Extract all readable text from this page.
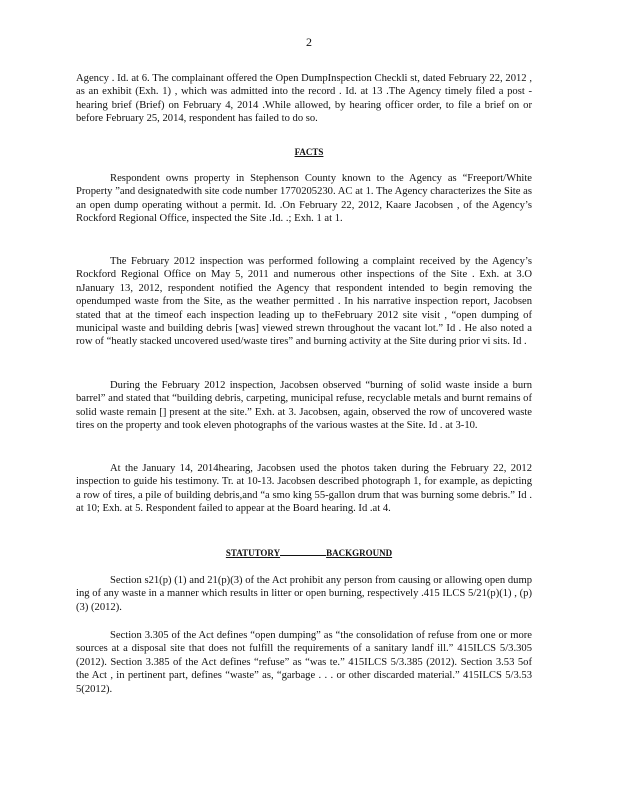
2

Agency . Id. at 6. The complainant offered the Open DumpInspection Checkli st, dated February 22, 2012 , as an exhibit (Exh. 1) , which was admitted into the record . Id. at 13 .The Agency timely filed a post -hearing brief (Brief) on February 4, 2014 .While allowed, by hearing officer order, to file a brief on or before February 25, 2014, respondent has failed to do so.

FACTS

Respondent owns property in Stephenson County known to the Agency as “Freeport/White Property ”and designatedwith site code number 1770205230. AC at 1. The Agency characterizes the Site as an open dump operating without a permit. Id. .On February 22, 2012, Kaare Jacobsen , of the Agency’s Rockford Regional Office, inspected the Site .Id. .; Exh. 1 at 1.

The February 2012 inspection was performed following a complaint received by the Agency’s Rockford Regional Office on May 5, 2011 and numerous other inspections of the Site . Exh. at 3.O nJanuary 13, 2012, respondent notified the Agency that respondent intended to begin removing the opendumped waste from the Site, as the weather permitted . In his narrative inspection report, Jacobsen stated that at the timeof each inspection leading up to theFebruary 2012 site visit , “open dumping of municipal waste and building debris [was] viewed strewn throughout the vacant lot.” Id . He also noted a row of “heatly stacked uncovered used/waste tires” and burning activity at the Site during prior vi sits. Id .

During the February 2012 inspection, Jacobsen observed “burning of solid waste inside a burn barrel” and stated that “building debris, carpeting, municipal refuse, recyclable metals and burnt remains of solid waste remain [] present at the site.” Exh. at 3. Jacobsen, again, observed the row of uncovered waste tires on the property and took eleven photographs of the various wastes at the Site. Id . at 3-10.

At the January 14, 2014hearing, Jacobsen used the photos taken during the February 22, 2012 inspection to guide his testimony. Tr. at 10-13. Jacobsen described photograph 1, for example, as depicting a row of tires, a pile of building debris,and “a smo king 55-gallon drum that was burning some debris.” Id . at 10; Exh. at 5. Respondent failed to appear at the Board hearing. Id .at 4.

STATUTORY	BACKGROUND

Section s21(p) (1) and 21(p)(3) of the Act prohibit any person from causing or allowing open dump ing of any waste in a manner which results in litter or open burning, respectively .415 ILCS 5/21(p)(1) , (p)(3) (2012).

Section 3.305 of the Act defines “open dumping” as “the consolidation of refuse from one or more sources at a disposal site that does not fulfill the requirements of a sanitary landf ill.” 415ILCS 5/3.305 (2012). Section 3.385 of the Act defines “refuse” as “was te.” 415ILCS 5/3.385 (2012). Section 3.53 5of the Act , in pertinent part, defines “waste” as, “garbage . . . or other discarded material.” 415ILCS 5/3.53 5(2012).
